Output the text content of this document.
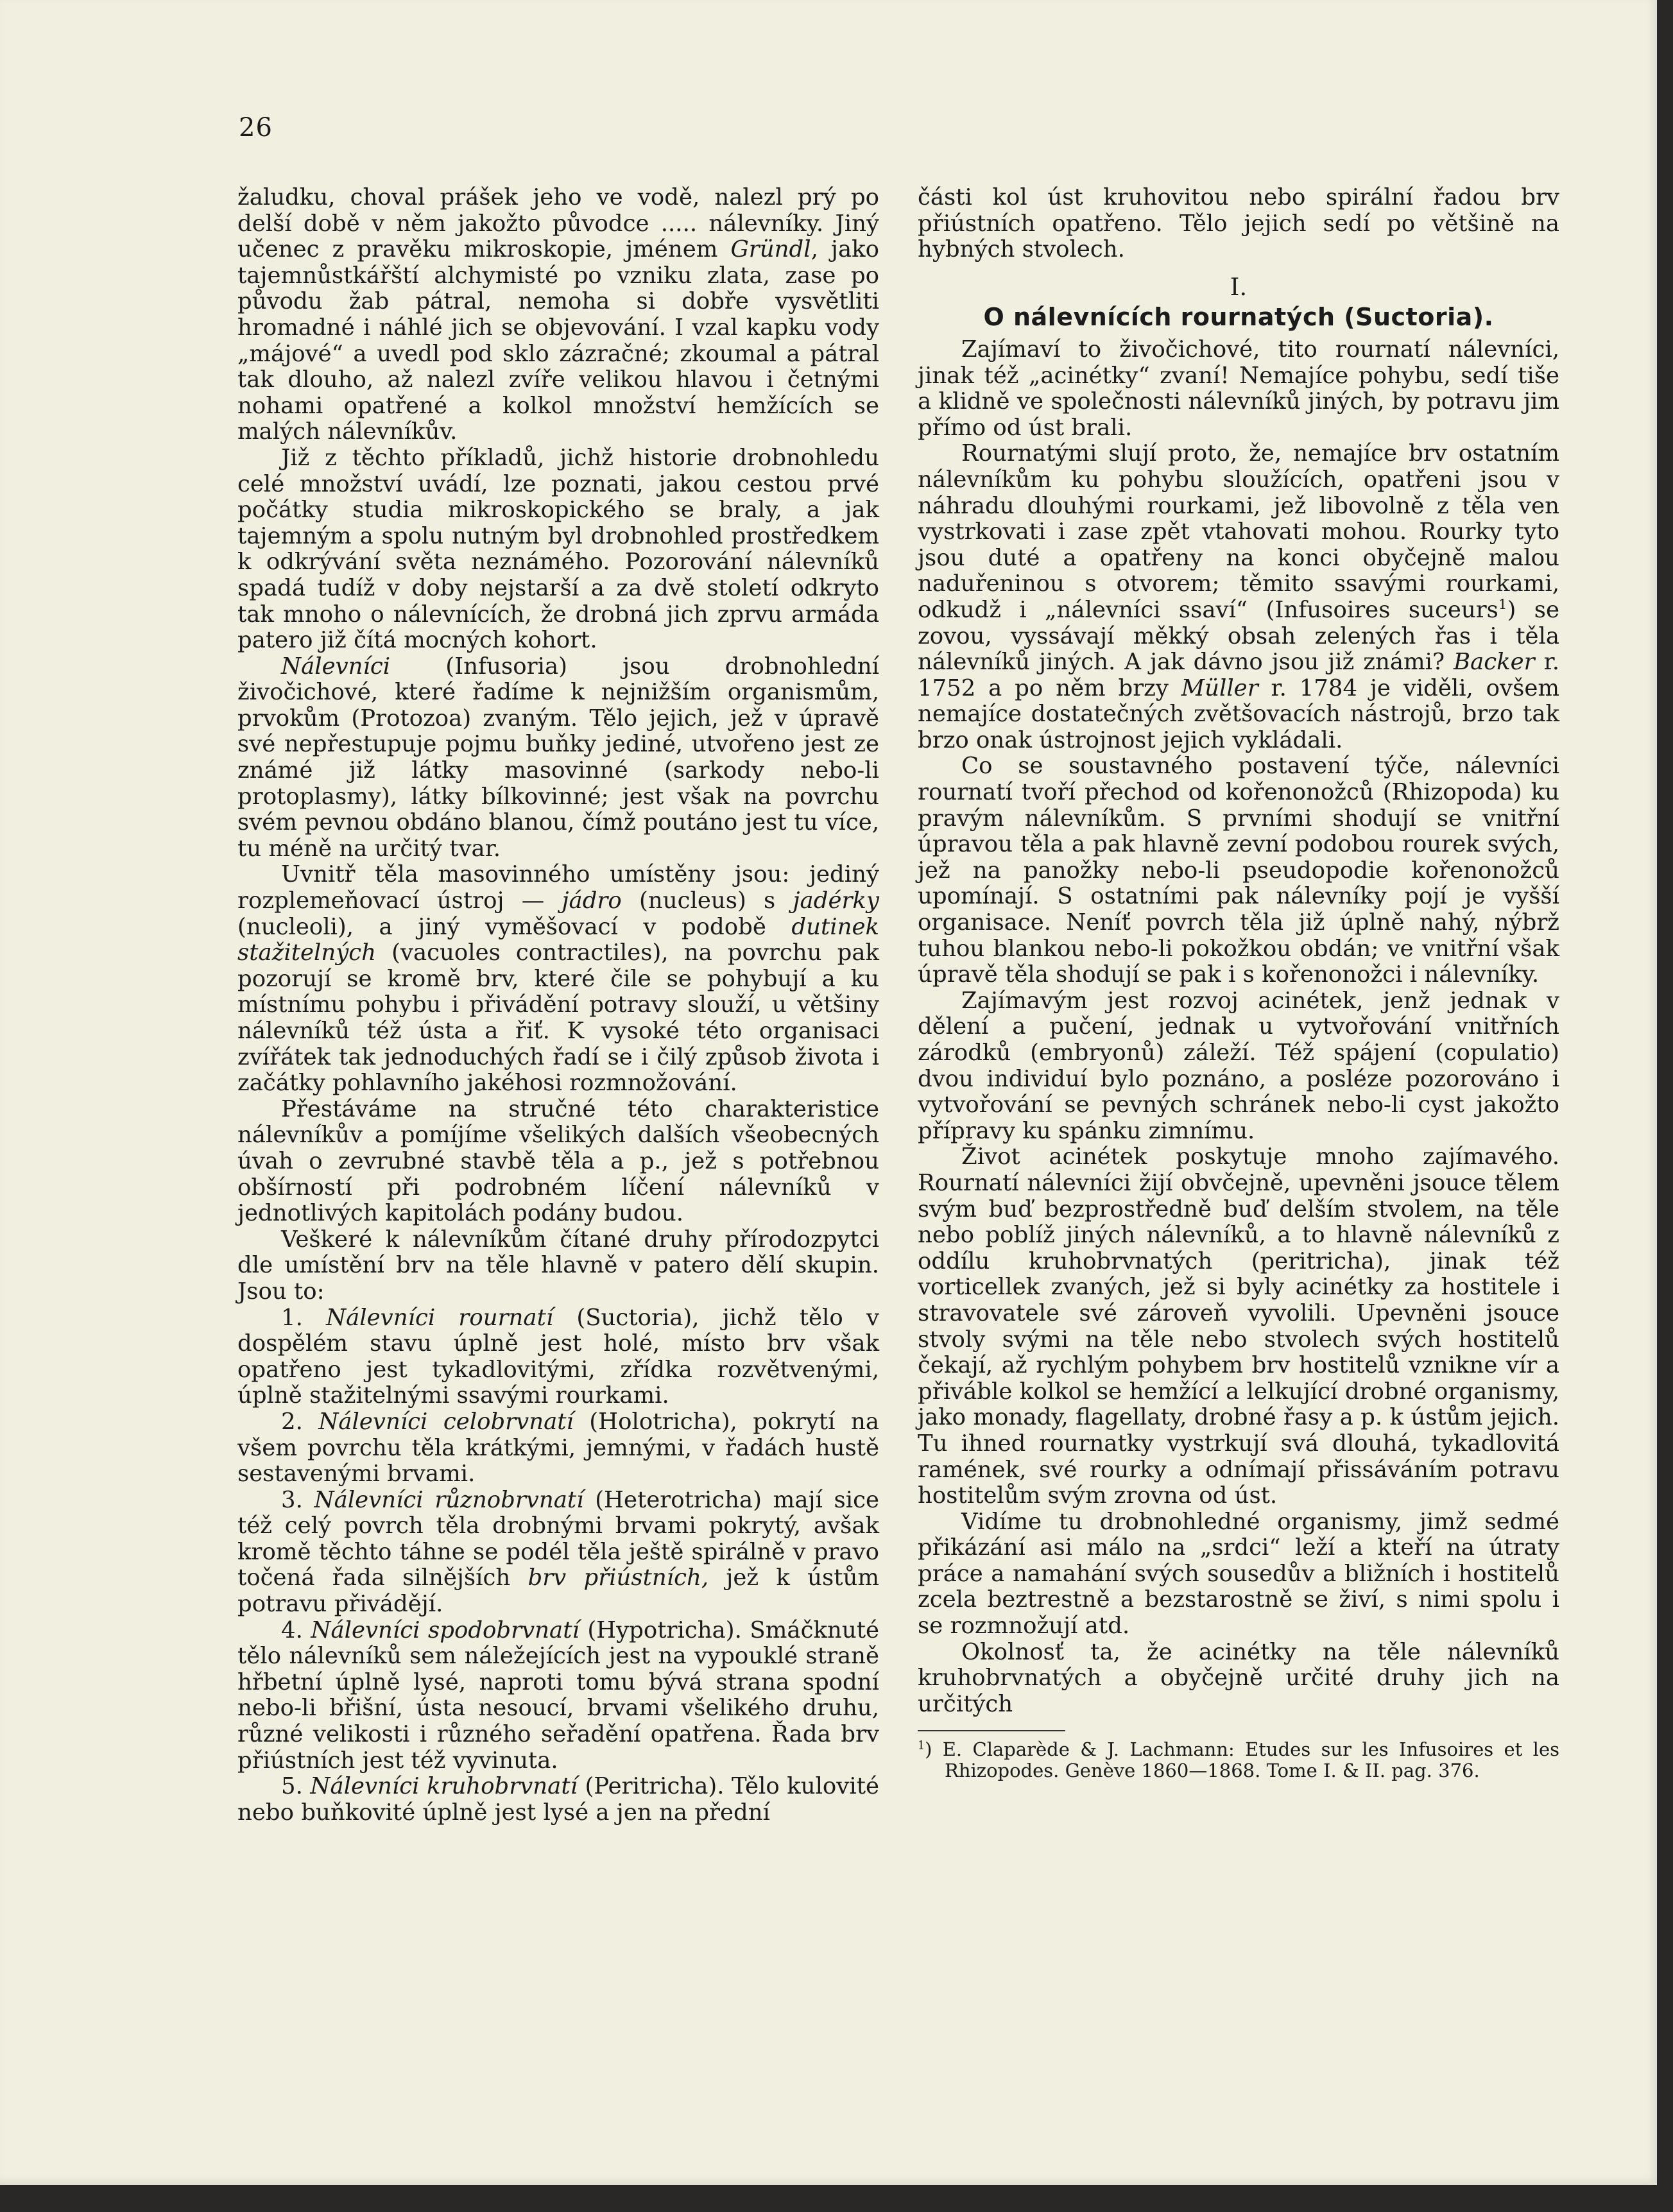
26

žaludku, choval prášek jeho ve vodě, nalezl prý po delší době v něm jakožto původce ..... nálevníky. Jiný učenec z pravěku mikroskopie, jménem Gründl, jako tajemnůstkářští alchymisté po vzniku zlata, zase po původu žab pátral, nemoha si dobře vysvětliti hromadné i náhlé jich se objevování. I vzal kapku vody „májové“ a uvedl pod sklo zázračné; zkoumal a pátral tak dlouho, až nalezl zvíře velikou hlavou i četnými nohami opatřené a kolkol množství hemžících se malých nálevníkův.

Již z těchto příkladů, jichž historie drobnohledu celé množství uvádí, lze poznati, jakou cestou prvé počátky studia mikroskopického se braly, a jak tajemným a spolu nutným byl drobnohled prostředkem k odkrývání světa neznámého. Pozorování nálevníků spadá tudíž v doby nejstarší a za dvě století odkryto tak mnoho o nálevnících, že drobná jich zprvu armáda patero již čítá mocných kohort.

Nálevníci (Infusoria) jsou drobnohlední živočichové, které řadíme k nejnižším organismům, prvokům (Protozoa) zvaným. Tělo jejich, jež v úpravě své nepřestupuje pojmu buňky jediné, utvořeno jest ze známé již látky masovinné (sarkody nebo-li protoplasmy), látky bílkovinné; jest však na povrchu svém pevnou obdáno blanou, čímž poutáno jest tu více, tu méně na určitý tvar.

Uvnitř těla masovinného umístěny jsou: jediný rozplemeňovací ústroj — jádro (nucleus) s jadérky (nucleoli), a jiný vyměšovací v podobě dutinek stažitelných (vacuoles contractiles), na povrchu pak pozorují se kromě brv, které čile se pohybují a ku místnímu pohybu i přivádění potravy slouží, u většiny nálevníků též ústa a řiť. K vysoké této organisaci zvířátek tak jednoduchých řadí se i čilý způsob života i začátky pohlavního jakéhosi rozmnožování.

Přestáváme na stručné této charakteristice nálevníkův a pomíjíme všelikých dalších všeobecných úvah o zevrubné stavbě těla a p., jež s potřebnou obšírností při podrobném líčení nálevníků v jednotlivých kapitolách podány budou.

Veškeré k nálevníkům čítané druhy přírodozpytci dle umístění brv na těle hlavně v patero dělí skupin. Jsou to:

1. Nálevníci rournatí (Suctoria), jichž tělo v dospělém stavu úplně jest holé, místo brv však opatřeno jest tykadlovitými, zřídka rozvětvenými, úplně stažitelnými ssavými rourkami.

2. Nálevníci celobrvnatí (Holotricha), pokrytí na všem povrchu těla krátkými, jemnými, v řadách hustě sestavenými brvami.

3. Nálevníci různobrvnatí (Heterotricha) mají sice též celý povrch těla drobnými brvami pokrytý, avšak kromě těchto táhne se podél těla ještě spirálně v pravo točená řada silnějších brv přiústních, jež k ústům potravu přivádějí.

4. Nálevníci spodobrvnatí (Hypotricha). Smáčknuté tělo nálevníků sem náležejících jest na vypouklé straně hřbetní úplně lysé, naproti tomu bývá strana spodní nebo-li břišní, ústa nesoucí, brvami všelikého druhu, různé velikosti i různého seřadění opatřena. Řada brv přiústních jest též vyvinuta.

5. Nálevníci kruhobrvnatí (Peritricha). Tělo kulovité nebo buňkovité úplně jest lysé a jen na přední

části kol úst kruhovitou nebo spirální řadou brv přiústních opatřeno. Tělo jejich sedí po většině na hybných stvolech.

I.
O nálevnících rournatých (Suctoria).

Zajímaví to živočichové, tito rournatí nálevníci, jinak též „acinétky“ zvaní! Nemajíce pohybu, sedí tiše a klidně ve společnosti nálevníků jiných, by potravu jim přímo od úst brali.

Rournatými slují proto, že, nemajíce brv ostatním nálevníkům ku pohybu sloužících, opatřeni jsou v náhradu dlouhými rourkami, jež libovolně z těla ven vystrkovati i zase zpět vtahovati mohou. Rourky tyto jsou duté a opatřeny na konci obyčejně malou naduřeninou s otvorem; těmito ssavými rourkami, odkudž i „nálevníci ssaví“ (Infusoires suceurs$^1$) se zovou, vyssávají měkký obsah zelených řas i těla nálevníků jiných. A jak dávno jsou již známi? Backer r. 1752 a po něm brzy Müller r. 1784 je viděli, ovšem nemajíce dostatečných zvětšovacích nástrojů, brzo tak brzo onak ústrojnost jejich vykládali.

Co se soustavného postavení týče, nálevníci rournatí tvoří přechod od kořenonožců (Rhizopoda) ku pravým nálevníkům. S prvními shodují se vnitřní úpravou těla a pak hlavně zevní podobou rourek svých, jež na panožky nebo-li pseudopodie kořenonožců upomínají. S ostatními pak nálevníky pojí je vyšší organisace. Neníť povrch těla již úplně nahý, nýbrž tuhou blankou nebo-li pokožkou obdán; ve vnitřní však úpravě těla shodují se pak i s kořenonožci i nálevníky.

Zajímavým jest rozvoj acinétek, jenž jednak v dělení a pučení, jednak u vytvořování vnitřních zárodků (embryonů) záleží. Též spájení (copulatio) dvou individuí bylo poznáno, a posléze pozorováno i vytvořování se pevných schránek nebo-li cyst jakožto přípravy ku spánku zimnímu.

Život acinétek poskytuje mnoho zajímavého. Rournatí nálevníci žijí obvčejně, upevněni jsouce tělem svým buď bezprostředně buď delším stvolem, na těle nebo poblíž jiných nálevníků, a to hlavně nálevníků z oddílu kruhobrvnatých (peritricha), jinak též vorticellek zvaných, jež si byly acinétky za hostitele i stravovatele své zároveň vyvolili. Upevněni jsouce stvoly svými na těle nebo stvolech svých hostitelů čekají, až rychlým pohybem brv hostitelů vznikne vír a přiváble kolkol se hemžící a lelkující drobné organismy, jako monady, flagellaty, drobné řasy a p. k ústům jejich. Tu ihned rournatky vystrkují svá dlouhá, tykadlovitá ramének, své rourky a odnímají přissáváním potravu hostitelům svým zrovna od úst.

Vidíme tu drobnohledné organismy, jimž sedmé přikázání asi málo na „srdci“ leží a kteří na útraty práce a namahání svých sousedův a bližních i hostitelů zcela beztrestně a bezstarostně se živí, s nimi spolu i se rozmnožují atd.

Okolnosť ta, že acinétky na těle nálevníků kruhobrvnatých a obyčejně určité druhy jich na určitých

$^1$) E. Claparède & J. Lachmann: Etudes sur les Infusoires et les Rhizopodes. Genève 1860—1868. Tome I. & II. pag. 376.
